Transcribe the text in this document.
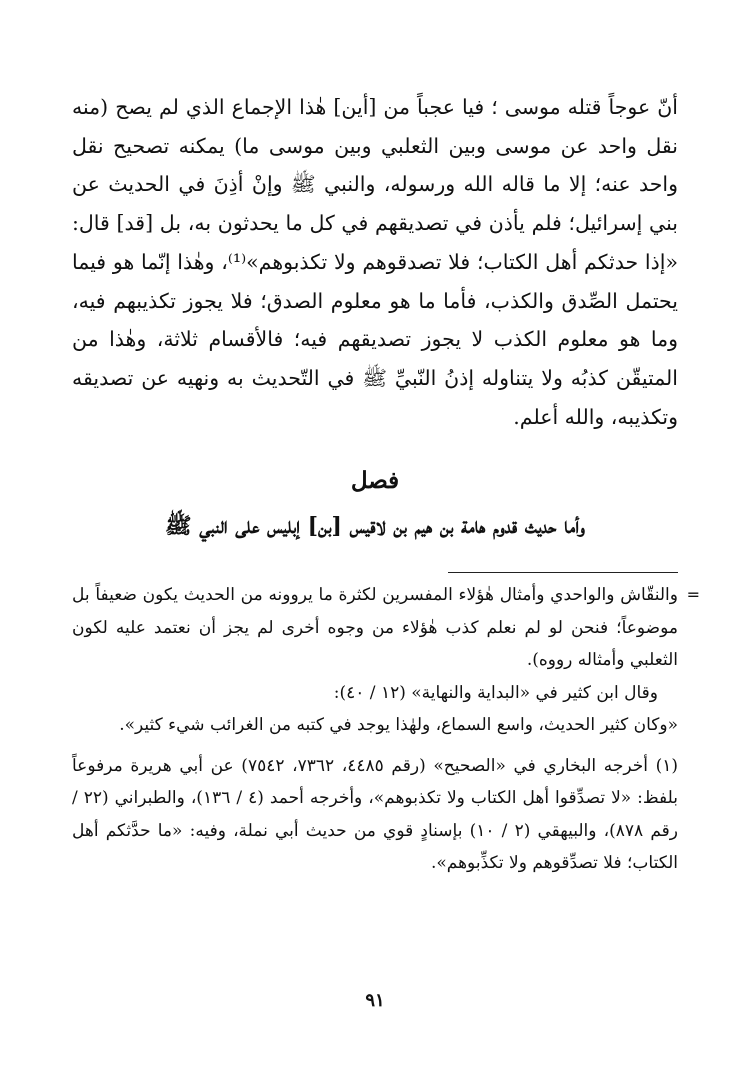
أنّ عوجاً قتله موسى ؛ فيا عجباً من [أين] هٰذا الإجماع الذي لم يصح (منه نقل واحد عن موسى وبين الثعلبي وبين موسى ما) يمكنه تصحيح نقل واحد عنه؛ إلا ما قاله الله ورسوله، والنبي ﷺ وإنْ أذِنَ في الحديث عن بني إسرائيل؛ فلم يأذن في تصديقهم في كل ما يحدثون به، بل [قد] قال: «إذا حدثكم أهل الكتاب؛ فلا تصدقوهم ولا تكذبوهم»⁽¹⁾، وهٰذا إنّما هو فيما يحتمل الصِّدق والكذب، فأما ما هو معلوم الصدق؛ فلا يجوز تكذيبهم فيه، وما هو معلوم الكذب لا يجوز تصديقهم فيه؛ فالأقسام ثلاثة، وهٰذا من المتيقّن كذبُه ولا يتناوله إذنُ النّبيِّ ﷺ في التّحديث به ونهيه عن تصديقه وتكذيبه، والله أعلم.

فصل
وأما حديث قدوم هامة بن هيم بن لاقيس [بن] إبليس على النبي ﷺ
=

والنقّاش والواحدي وأمثال هٰؤلاء المفسرين لكثرة ما يروونه من الحديث يكون ضعيفاً بل موضوعاً؛ فنحن لو لم نعلم كذب هٰؤلاء من وجوه أخرى لم يجز أن نعتمد عليه لكون الثعلبي وأمثاله رووه).

وقال ابن كثير في «البداية والنهاية» (١٢ / ٤٠):

«وكان كثير الحديث، واسع السماع، ولهٰذا يوجد في كتبه من الغرائب شيء كثير».

(١) أخرجه البخاري في «الصحيح» (رقم ٤٤٨٥، ٧٣٦٢، ٧٥٤٢) عن أبي هريرة مرفوعاً بلفظ: «لا تصدِّقوا أهل الكتاب ولا تكذبوهم»، وأخرجه أحمد (٤ / ١٣٦)، والطبراني (٢٢ / رقم ٨٧٨)، والبيهقي (٢ / ١٠) بإسنادٍ قوي من حديث أبي نملة، وفيه: «ما حدَّثكم أهل الكتاب؛ فلا تصدِّقوهم ولا تكذِّبوهم».

٩١
